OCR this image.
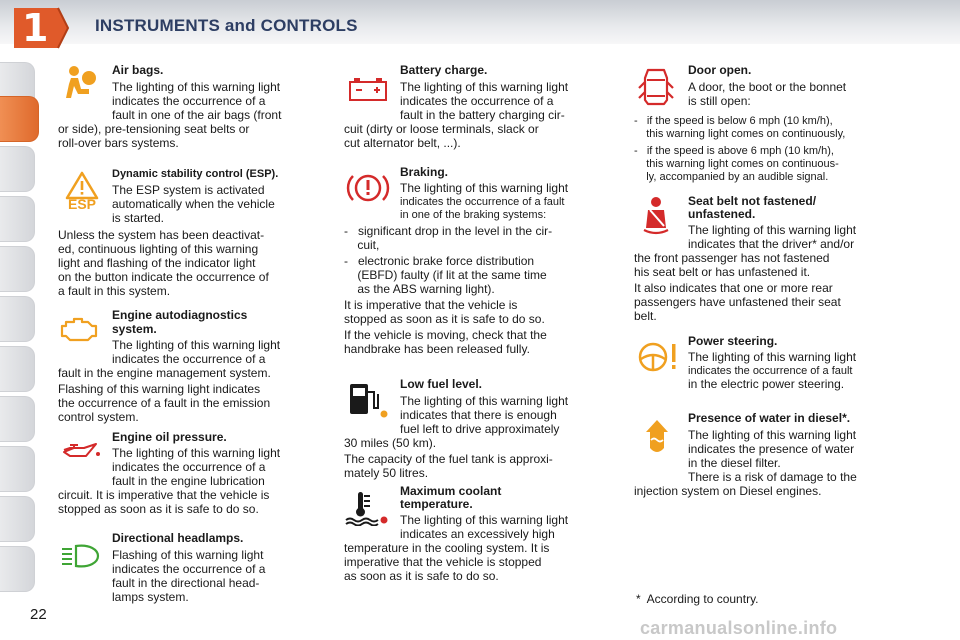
1	INSTRUMENTS and CONTROLS
Air bags.
The lighting of this warning light
indicates the occurrence of a
fault in one of the air bags (front
or side), pre-tensioning seat belts or
roll-over bars systems.
ESP
Dynamic stability control (ESP).
The ESP system is activated
automatically when the vehicle
is started.
Unless the system has been deactivat-
ed, continuous lighting of this warning
light and flashing of the indicator light
on the button indicate the occurrence of
a fault in this system.
Engine autodiagnostics
system.
The lighting of this warning light
indicates the occurrence of a
fault in the engine management system.
Flashing of this warning light indicates
the occurrence of a fault in the emission
control system.
Engine oil pressure.
The lighting of this warning light
indicates the occurrence of a
fault in the engine lubrication
circuit. It is imperative that the vehicle is
stopped as soon as it is safe to do so.
Directional headlamps.
Flashing of this warning light
indicates the occurrence of a
fault in the directional head-
lamps system.
Battery charge.
The lighting of this warning light
indicates the occurrence of a
fault in the battery charging cir-
cuit (dirty or loose terminals, slack or
cut alternator belt, ...).
Braking.
The lighting of this warning light
indicates the occurrence of a fault
in one of the braking systems:
-   significant drop in the level in the cir-
cuit,
-   electronic brake force distribution
(EBFD) faulty (if lit at the same time
as the ABS warning light).
It is imperative that the vehicle is
stopped as soon as it is safe to do so.
If the vehicle is moving, check that the
handbrake has been released fully.
Low fuel level.
The lighting of this warning light
indicates that there is enough
fuel left to drive approximately
30 miles (50 km).
The capacity of the fuel tank is approxi-
mately 50 litres.
Maximum coolant
temperature.
The lighting of this warning light
indicates an excessively high
temperature in the cooling system. It is
imperative that the vehicle is stopped
as soon as it is safe to do so.
Door open.
A door, the boot or the bonnet
is still open:
-   if the speed is below 6 mph (10 km/h),
this warning light comes on continuously,
-   if the speed is above 6 mph (10 km/h),
this warning light comes on continuous-
ly, accompanied by an audible signal.
Seat belt not fastened/
unfastened.
The lighting of this warning light
indicates that the driver* and/or
the front passenger has not fastened
his seat belt or has unfastened it.
It also indicates that one or more rear
passengers have unfastened their seat
belt.
Power steering.
The lighting of this warning light
indicates the occurrence of a fault
in the electric power steering.
Presence of water in diesel*.
The lighting of this warning light
indicates the presence of water
in the diesel filter.
There is a risk of damage to the
injection system on Diesel engines.
*  According to country.
22
carmanualsonline.info
